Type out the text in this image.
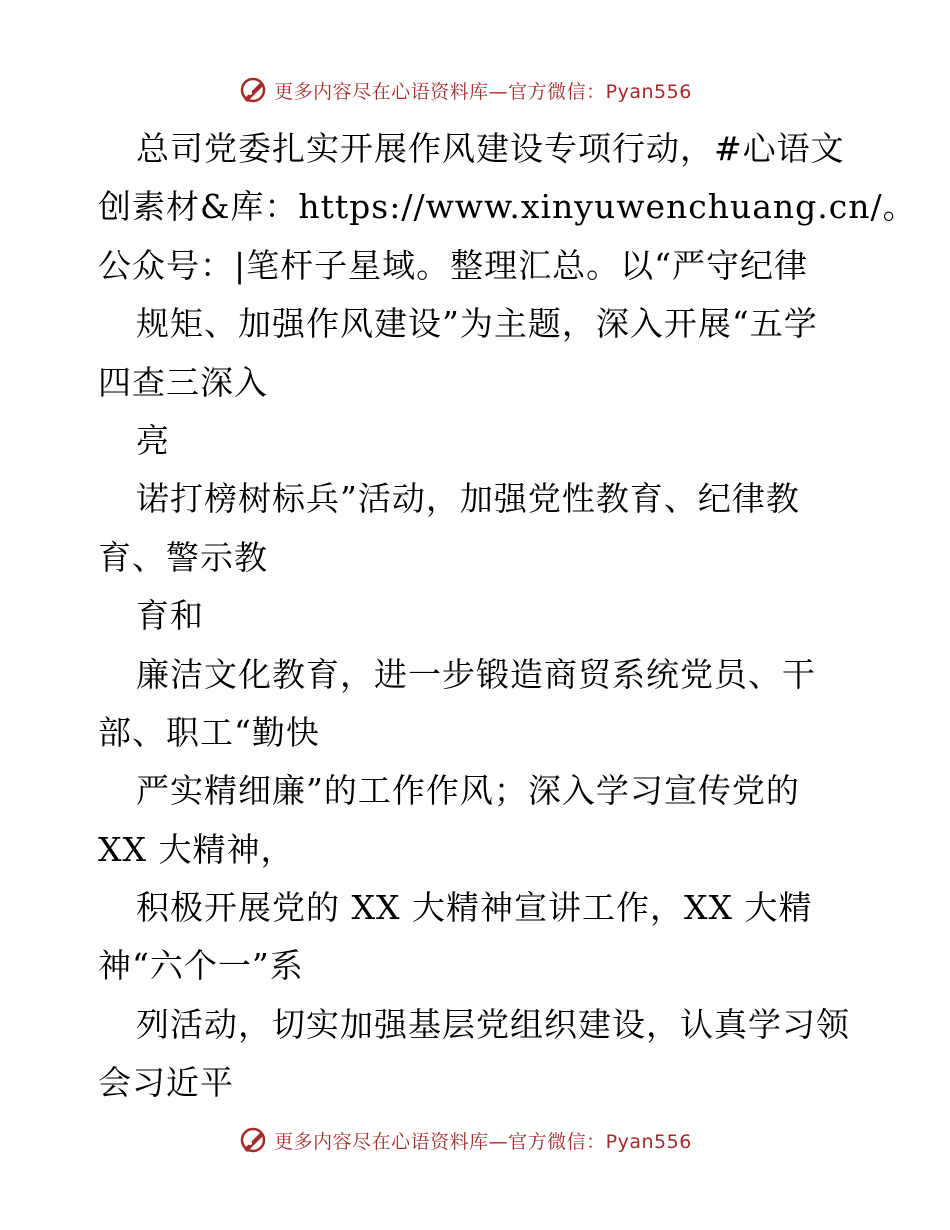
更多内容尽在心语资料库—官方微信：Pyan556
总司党委扎实开展作风建设专项行动，#心语文
创素材&库：https://www.xinyuwenchuang.cn/。
公众号：|笔杆子星域。整理汇总。以“严守纪律
规矩、加强作风建设”为主题，深入开展“五学
四查三深入
亮
诺打榜树标兵”活动，加强党性教育、纪律教
育、警示教
育和
廉洁文化教育，进一步锻造商贸系统党员、干
部、职工“勤快
严实精细廉”的工作作风；深入学习宣传党的
XX 大精神，
积极开展党的 XX 大精神宣讲工作，XX 大精
神“六个一”系
列活动，切实加强基层党组织建设，认真学习领
会习近平
更多内容尽在心语资料库—官方微信：Pyan556
